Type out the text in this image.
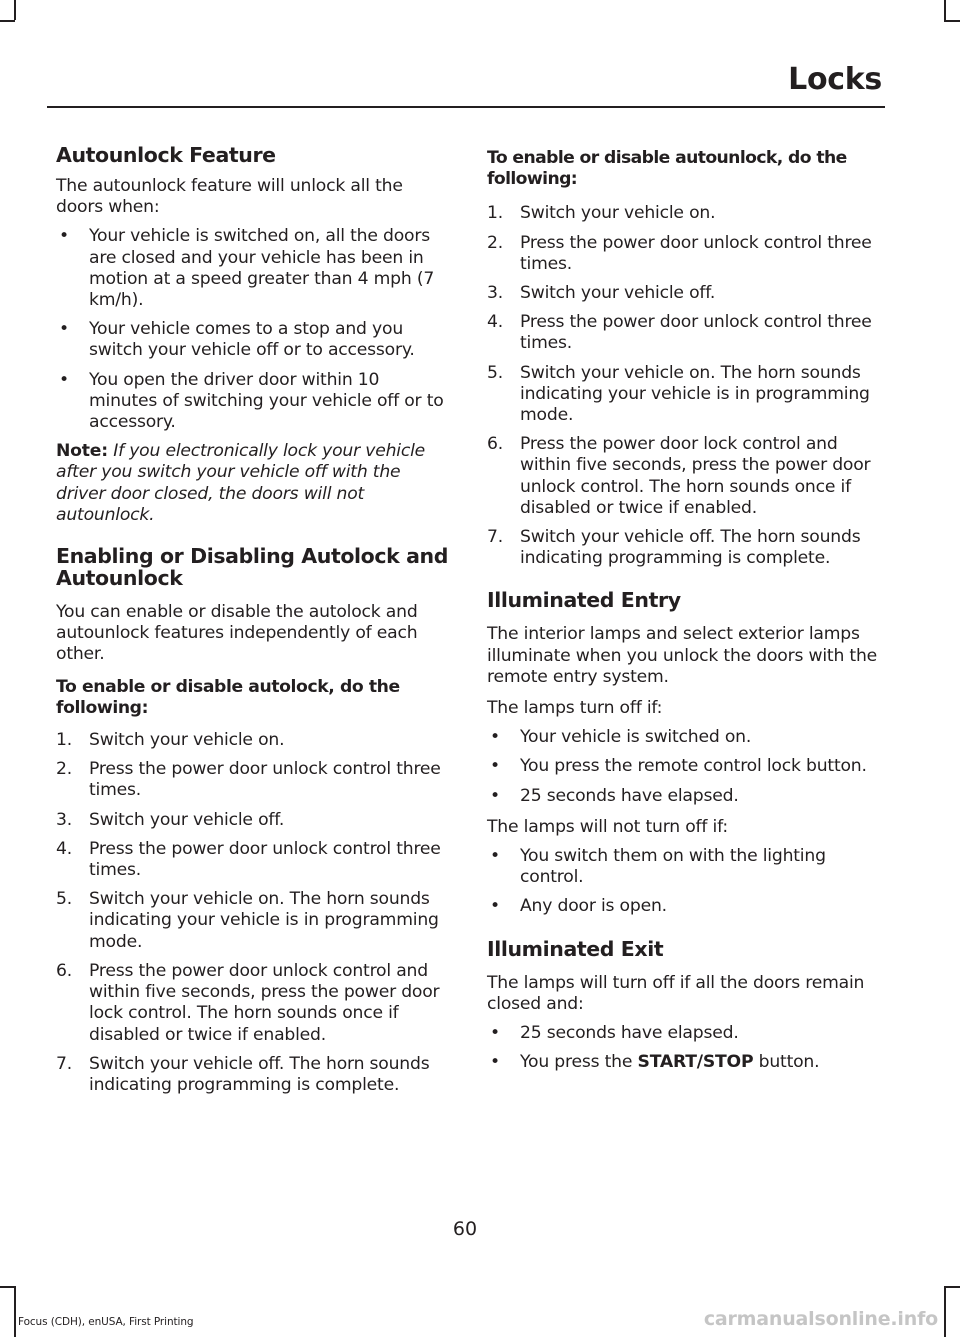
Locks
Autounlock Feature

The autounlock feature will unlock all the doors when:

• Your vehicle is switched on, all the doors are closed and your vehicle has been in motion at a speed greater than 4 mph (7 km/h).
• Your vehicle comes to a stop and you switch your vehicle off or to accessory.
• You open the driver door within 10 minutes of switching your vehicle off or to accessory.

Note: If you electronically lock your vehicle after you switch your vehicle off with the driver door closed, the doors will not autounlock.

Enabling or Disabling Autolock and Autounlock

You can enable or disable the autolock and autounlock features independently of each other.

To enable or disable autolock, do the following:
1. Switch your vehicle on.
2. Press the power door unlock control three times.
3. Switch your vehicle off.
4. Press the power door unlock control three times.
5. Switch your vehicle on. The horn sounds indicating your vehicle is in programming mode.
6. Press the power door unlock control and within five seconds, press the power door lock control. The horn sounds once if disabled or twice if enabled.
7. Switch your vehicle off. The horn sounds indicating programming is complete.
To enable or disable autounlock, do the following:
1. Switch your vehicle on.
2. Press the power door unlock control three times.
3. Switch your vehicle off.
4. Press the power door unlock control three times.
5. Switch your vehicle on. The horn sounds indicating your vehicle is in programming mode.
6. Press the power door lock control and within five seconds, press the power door unlock control. The horn sounds once if disabled or twice if enabled.
7. Switch your vehicle off. The horn sounds indicating programming is complete.
Illuminated Entry

The interior lamps and select exterior lamps illuminate when you unlock the doors with the remote entry system.

The lamps turn off if:

• Your vehicle is switched on.
• You press the remote control lock button.
• 25 seconds have elapsed.

The lamps will not turn off if:

• You switch them on with the lighting control.
• Any door is open.
Illuminated Exit

The lamps will turn off if all the doors remain closed and:

• 25 seconds have elapsed.
• You press the START/STOP button.
60
Focus (CDH), enUSA, First Printing	carmanualsonline.info
